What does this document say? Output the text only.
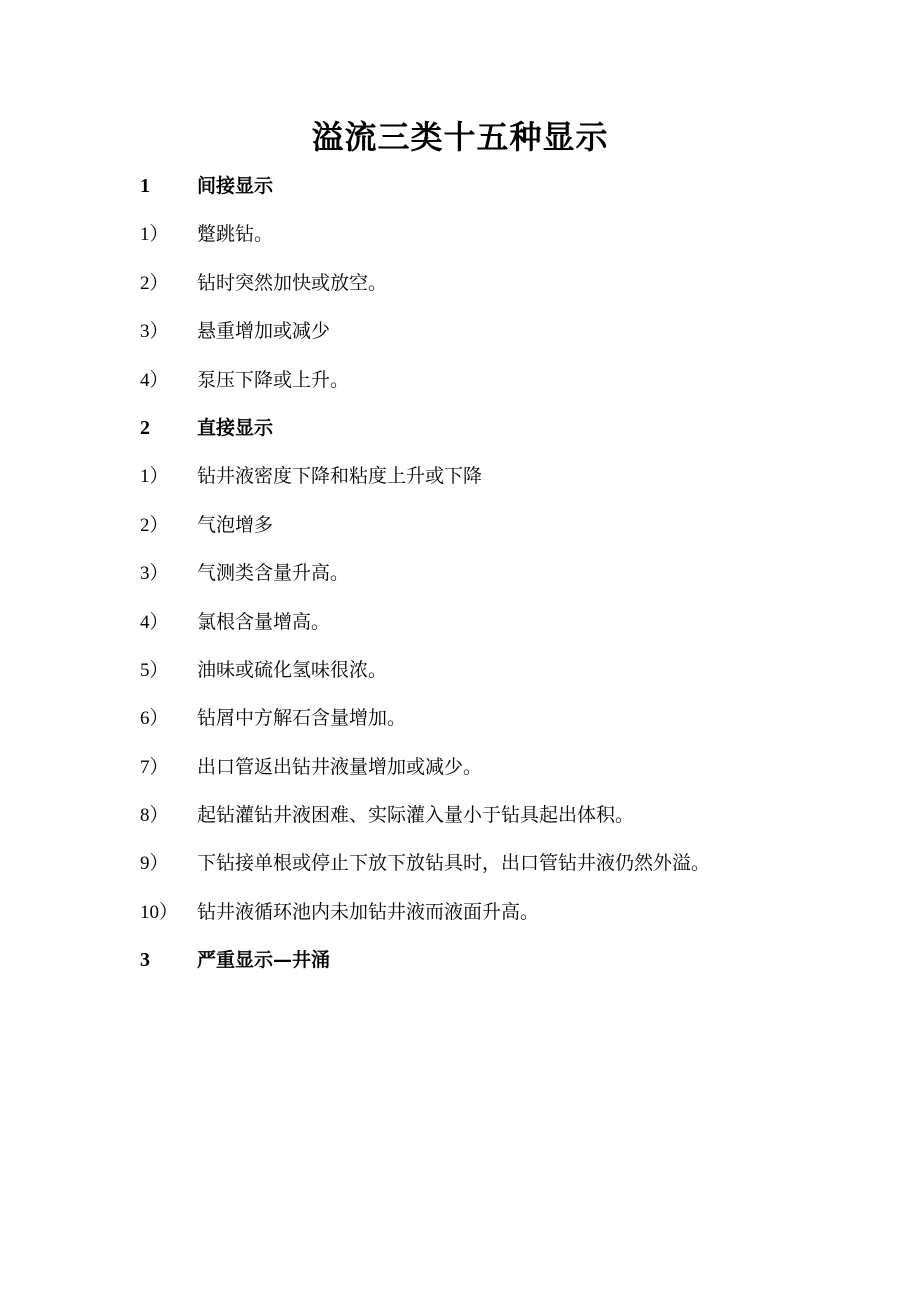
溢流三类十五种显示
1	间接显示
1）	蹩跳钻。
2）	钻时突然加快或放空。
3）	悬重增加或减少
4）	泵压下降或上升。
2	直接显示
1）	钻井液密度下降和粘度上升或下降
2）	气泡增多
3）	气测类含量升高。
4）	氯根含量增高。
5）	油味或硫化氢味很浓。
6）	钻屑中方解石含量增加。
7）	出口管返出钻井液量增加或减少。
8）	起钻灌钻井液困难、实际灌入量小于钻具起出体积。
9）	下钻接单根或停止下放下放钻具时，出口管钻井液仍然外溢。
10） 钻井液循环池内未加钻井液而液面升高。
3	严重显示—井涌
